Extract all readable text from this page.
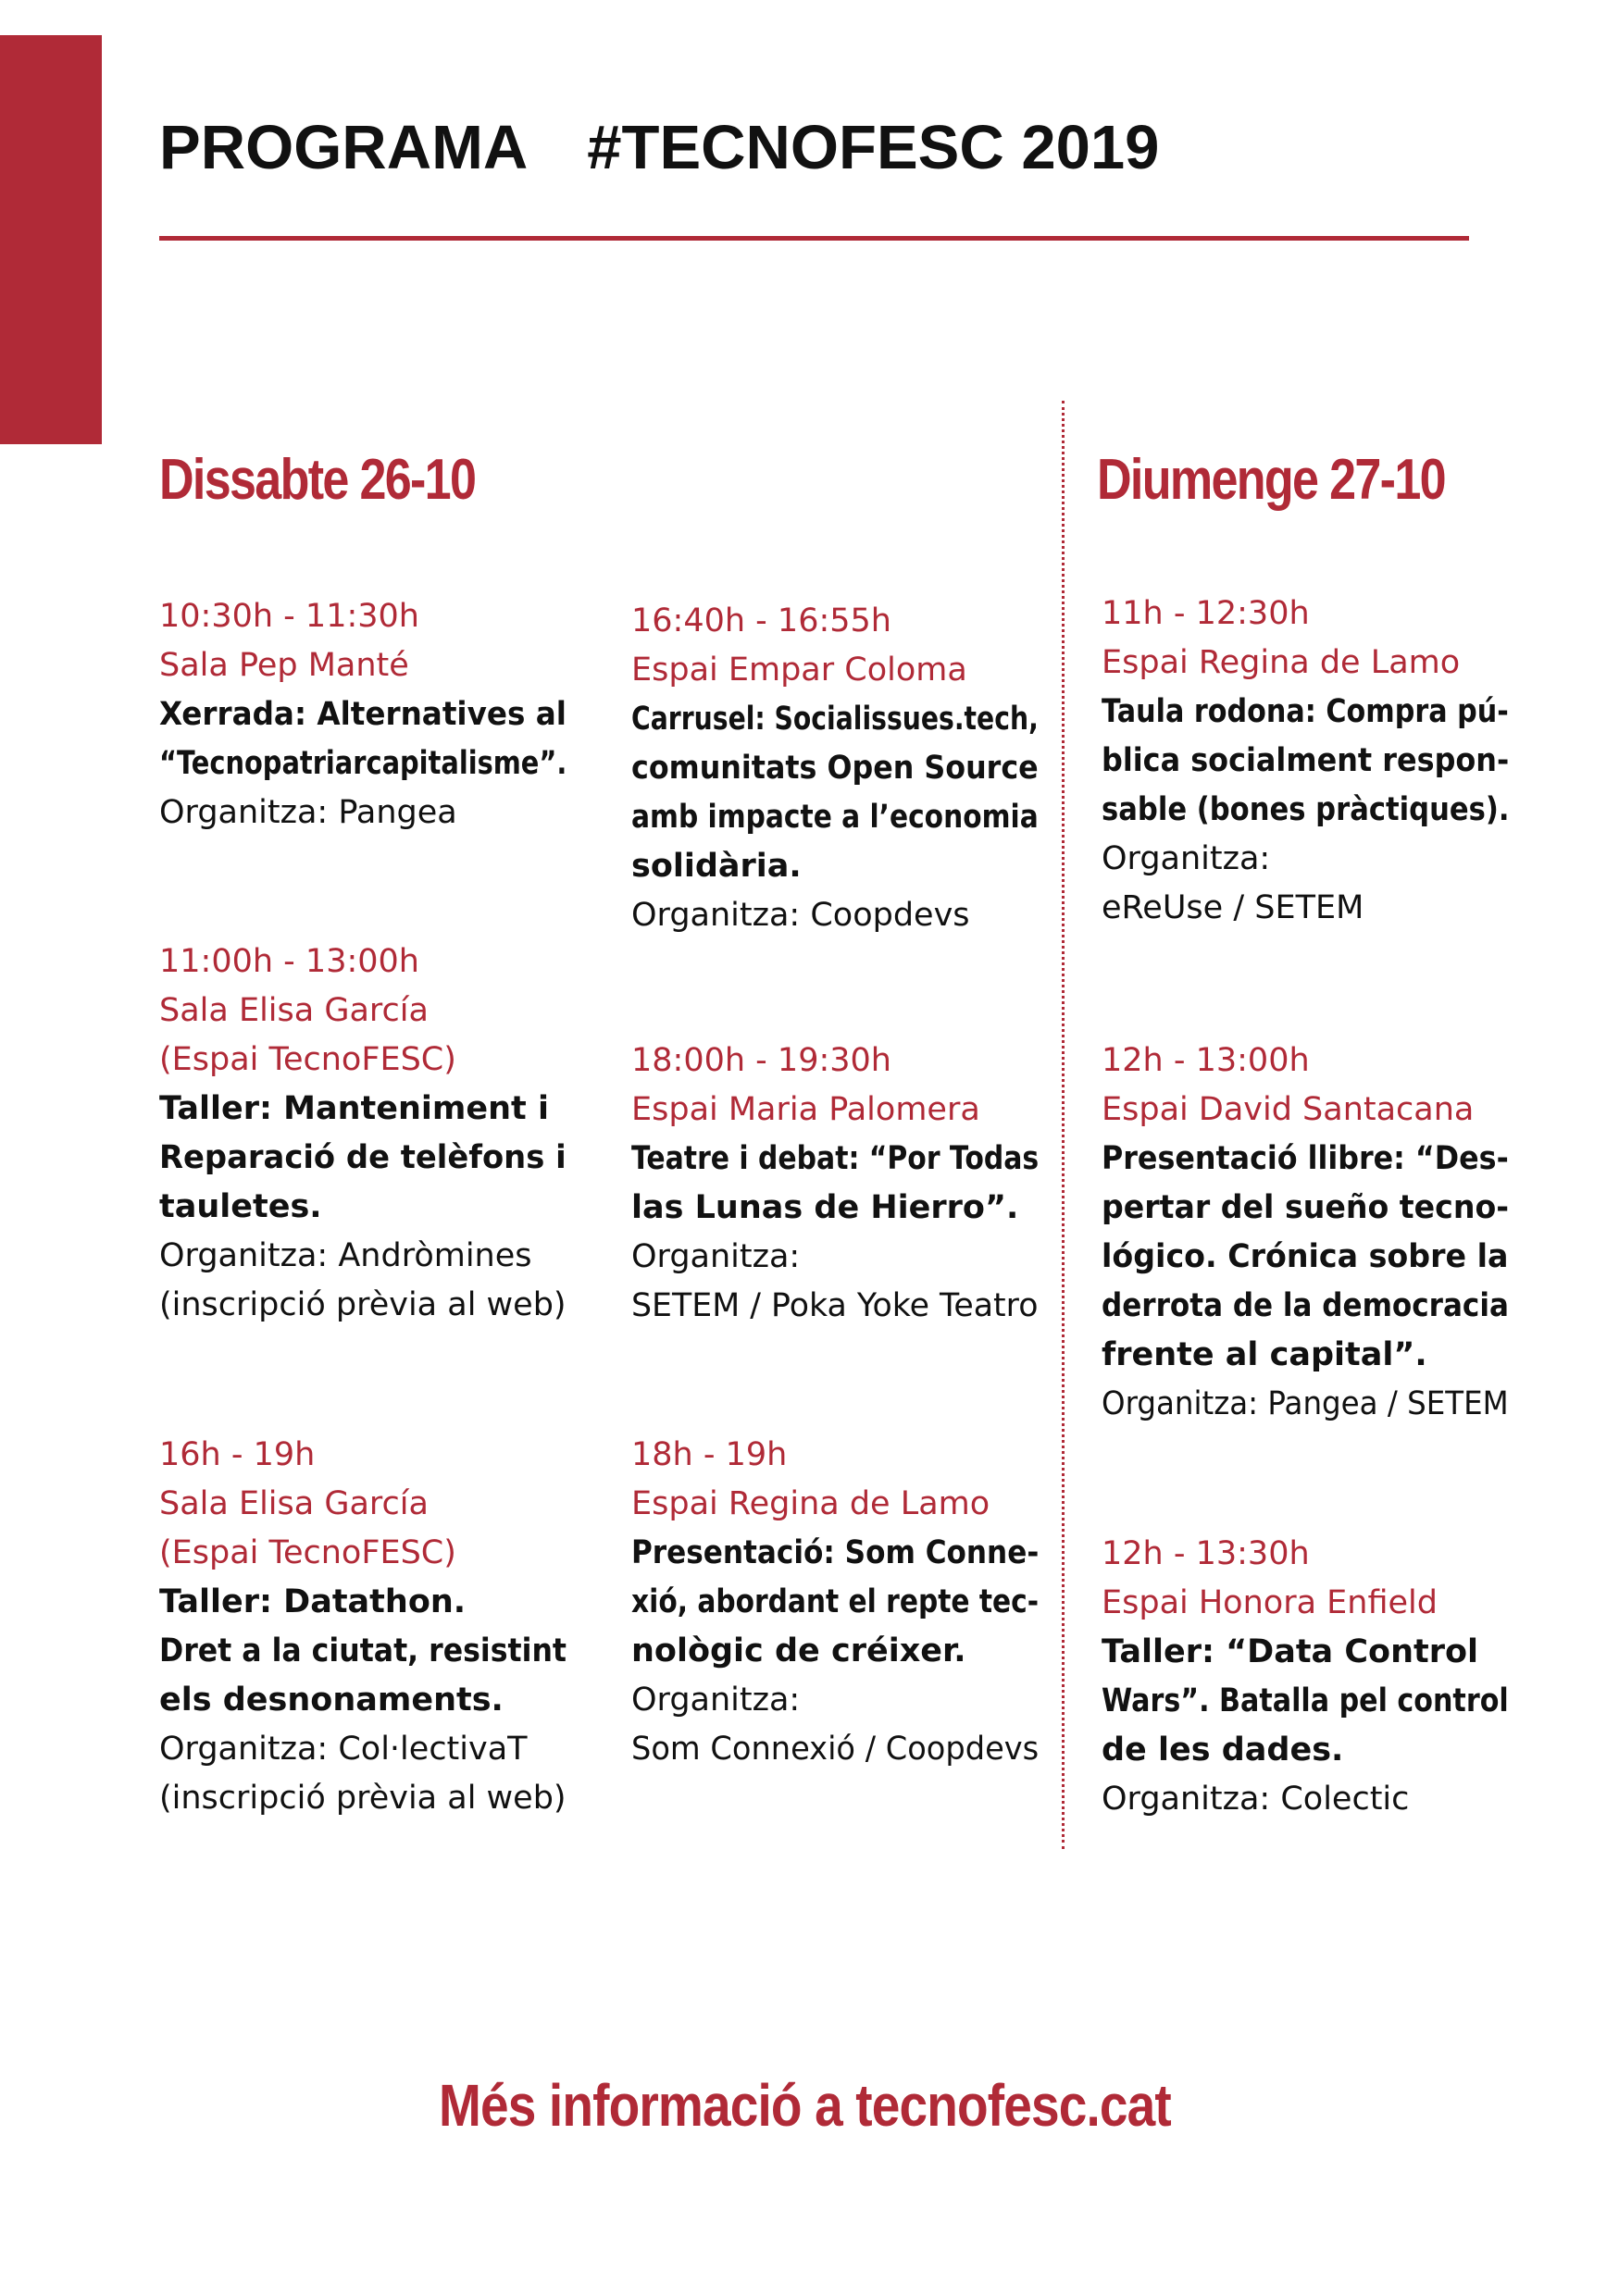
PROGRAMA #TECNOFESC 2019
Dissabte 26-10	Diumenge 27-10
10:30h - 11:30h
Sala Pep Manté
Xerrada: Alternatives al
“Tecnopatriarcapitalisme”.
Organitza: Pangea
11:00h - 13:00h
Sala Elisa García
(Espai TecnoFESC)
Taller: Manteniment i
Reparació de telèfons i
tauletes.
Organitza: Andròmines
(inscripció prèvia al web)
16h - 19h
Sala Elisa García
(Espai TecnoFESC)
Taller: Datathon.
Dret a la ciutat, resistint
els desnonaments.
Organitza: Col·lectivaT
(inscripció prèvia al web)
16:40h - 16:55h
Espai Empar Coloma
Carrusel: Socialissues.tech,
comunitats Open Source
amb impacte a l’economia
solidària.
Organitza: Coopdevs
18:00h - 19:30h
Espai Maria Palomera
Teatre i debat: “Por Todas
las Lunas de Hierro”.
Organitza:
SETEM / Poka Yoke Teatro
18h - 19h
Espai Regina de Lamo
Presentació: Som Conne-
xió, abordant el repte tec-
nològic de créixer.
Organitza:
Som Connexió / Coopdevs
11h - 12:30h
Espai Regina de Lamo
Taula rodona: Compra pú-
blica socialment respon-
sable (bones pràctiques).
Organitza:
eReUse / SETEM
12h - 13:00h
Espai David Santacana
Presentació llibre: “Des-
pertar del sueño tecno-
lógico. Crónica sobre la
derrota de la democracia
frente al capital”.
Organitza: Pangea / SETEM
12h - 13:30h
Espai Honora Enfield
Taller: “Data Control
Wars”. Batalla pel control
de les dades.
Organitza: Colectic
Més informació a tecnofesc.cat
